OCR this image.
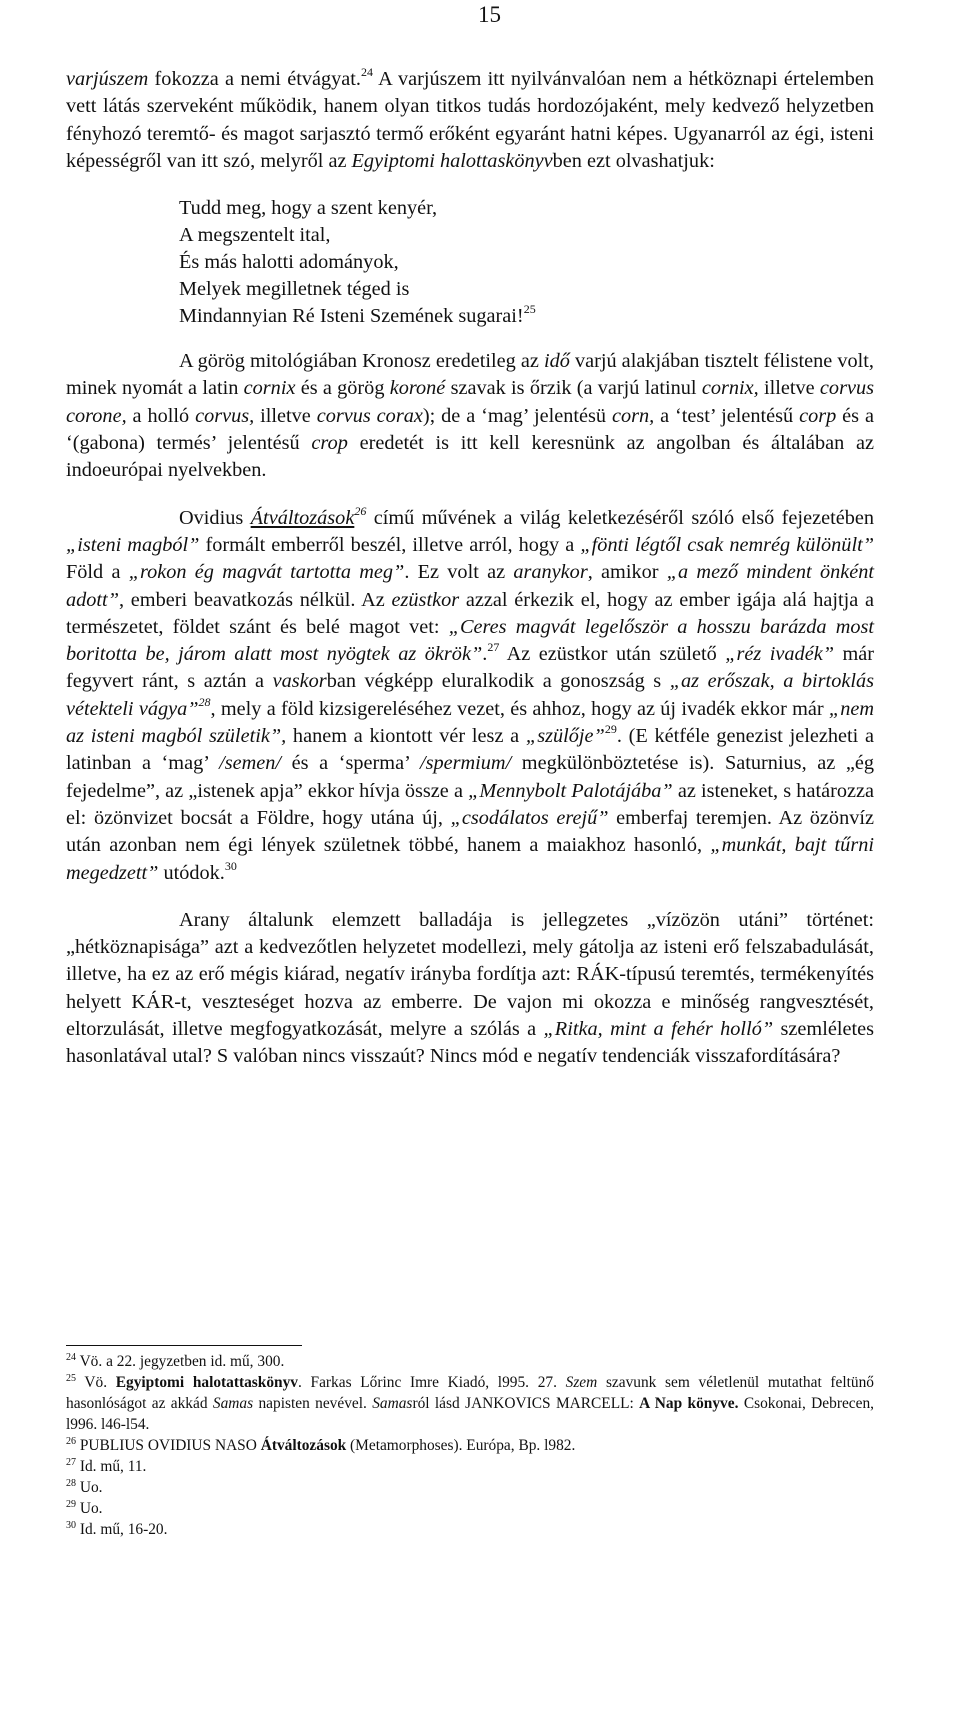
15

varjúszem fokozza a nemi étvágyat.$^{24}$ A varjúszem itt nyilvánvalóan nem a hétköznapi értelemben vett látás szerveként működik, hanem olyan titkos tudás hordozójaként, mely kedvező helyzetben fényhozó teremtő- és magot sarjasztó termő erőként egyaránt hatni képes. Ugyanarról az égi, isteni képességről van itt szó, melyről az Egyiptomi halottaskönyvben ezt olvashatjuk:

Tudd meg, hogy a szent kenyér,
A megszentelt ital,
És más halotti adományok,
Melyek megilletnek téged is
Mindannyian Ré Isteni Szemének sugarai!$^{25}$

A görög mitológiában Kronosz eredetileg az idő varjú alakjában tisztelt félistene volt, minek nyomát a latin cornix és a görög koroné szavak is őrzik (a varjú latinul cornix, illetve corvus corone, a holló corvus, illetve corvus corax); de a ‘mag’ jelentésü corn, a ‘test’ jelentésű corp és a ‘(gabona) termés’ jelentésű crop eredetét is itt kell keresnünk az angolban és általában az indoeurópai nyelvekben.

Ovidius Átváltozások$^{26}$ című művének a világ keletkezéséről szóló első fejezetében „isteni magból” formált emberről beszél, illetve arról, hogy a „fönti légtől csak nemrég különült” Föld a „rokon ég magvát tartotta meg”. Ez volt az aranykor, amikor „a mező mindent önként adott”, emberi beavatkozás nélkül. Az ezüstkor azzal érkezik el, hogy az ember igája alá hajtja a természetet, földet szánt és belé magot vet: „Ceres magvát legelőször a hosszu barázda most boritotta be, járom alatt most nyögtek az ökrök”.$^{27}$ Az ezüstkor után születő „réz ivadék” már fegyvert ránt, s aztán a vaskorban végképp eluralkodik a gonoszság s „az erőszak, a birtoklás vétekteli vágya”$^{28}$, mely a föld kizsigereléséhez vezet, és ahhoz, hogy az új ivadék ekkor már „nem az isteni magból születik”, hanem a kiontott vér lesz a „szülője”$^{29}$. (E kétféle genezist jelezheti a latinban a ‘mag’ /semen/ és a ‘sperma’ /spermium/ megkülönböztetése is). Saturnius, az „ég fejedelme”, az „istenek apja” ekkor hívja össze a „Mennybolt Palotájába” az isteneket, s határozza el: özönvizet bocsát a Földre, hogy utána új, „csodálatos erejű” emberfaj teremjen. Az özönvíz után azonban nem égi lények születnek többé, hanem a maiakhoz hasonló, „munkát, bajt tűrni megedzett” utódok.$^{30}$

Arany általunk elemzett balladája is jellegzetes „vízözön utáni” történet: „hétköznapisága” azt a kedvezőtlen helyzetet modellezi, mely gátolja az isteni erő felszabadulását, illetve, ha ez az erő mégis kiárad, negatív irányba fordítja azt: RÁK-típusú teremtés, termékenyítés helyett KÁR-t, veszteséget hozva az emberre. De vajon mi okozza e minőség rangvesztését, eltorzulását, illetve megfogyatkozását, melyre a szólás a „Ritka, mint a fehér holló” szemléletes hasonlatával utal? S valóban nincs visszaút? Nincs mód e negatív tendenciák visszafordítására?

$^{24}$ Vö. a 22. jegyzetben id. mű, 300.

$^{25}$ Vö. Egyiptomi halotattaskönyv. Farkas Lőrinc Imre Kiadó, l995. 27. Szem szavunk sem véletlenül mutathat feltünő hasonlóságot az akkád Samas napisten nevével. Samasról lásd JANKOVICS MARCELL: A Nap könyve. Csokonai, Debrecen, l996. l46-l54.

$^{26}$ PUBLIUS OVIDIUS NASO Átváltozások (Metamorphoses). Európa, Bp. l982.

$^{27}$ Id. mű, 11.

$^{28}$ Uo.

$^{29}$ Uo.

$^{30}$ Id. mű, 16-20.
